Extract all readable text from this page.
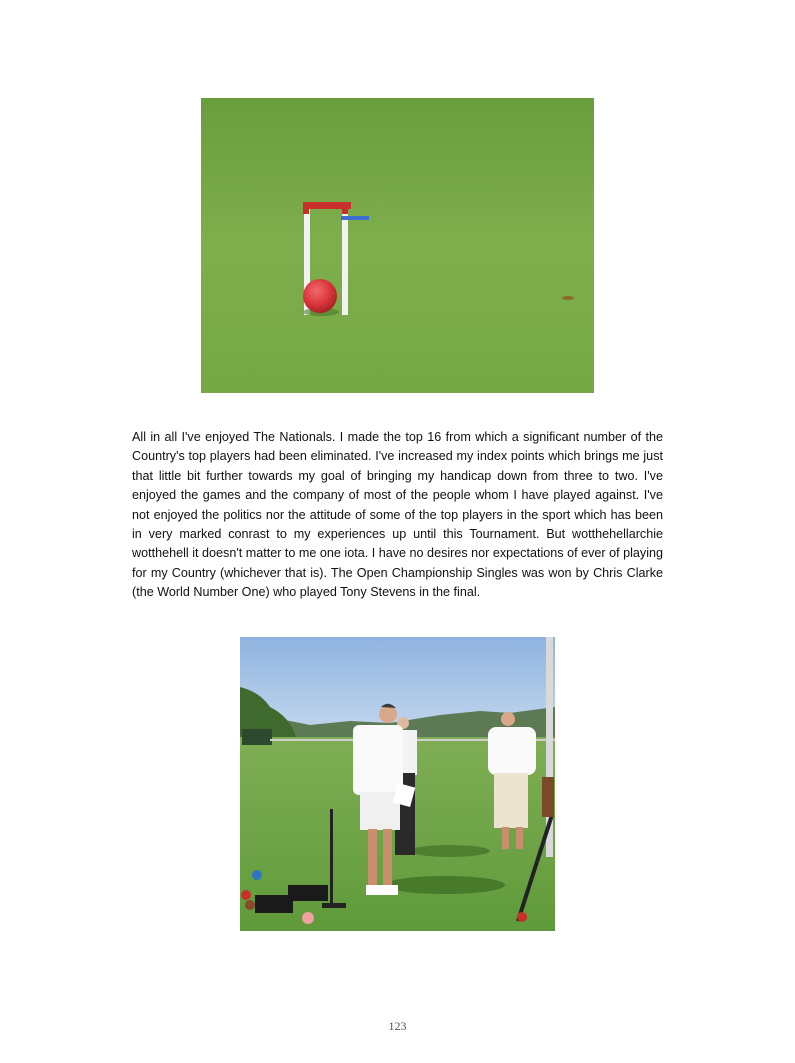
All in all I've enjoyed The Nationals. I made the top 16 from which a significant number of the Country's top players had been eliminated. I've increased my index points which brings me just that little bit further towards my goal of bringing my handicap down from three to two. I've enjoyed the games and the company of most of the people whom I have played against. I've not enjoyed the politics nor the attitude of some of the top players in the sport which has been in very marked conrast to my experiences up until this Tournament. But wotthehellarchie wotthehell it doesn't matter to me one iota. I have no desires nor expectations of ever of playing for my Country (whichever that is). The Open Championship Singles was won by Chris Clarke (the World Number One) who played Tony Stevens in the final.

123
